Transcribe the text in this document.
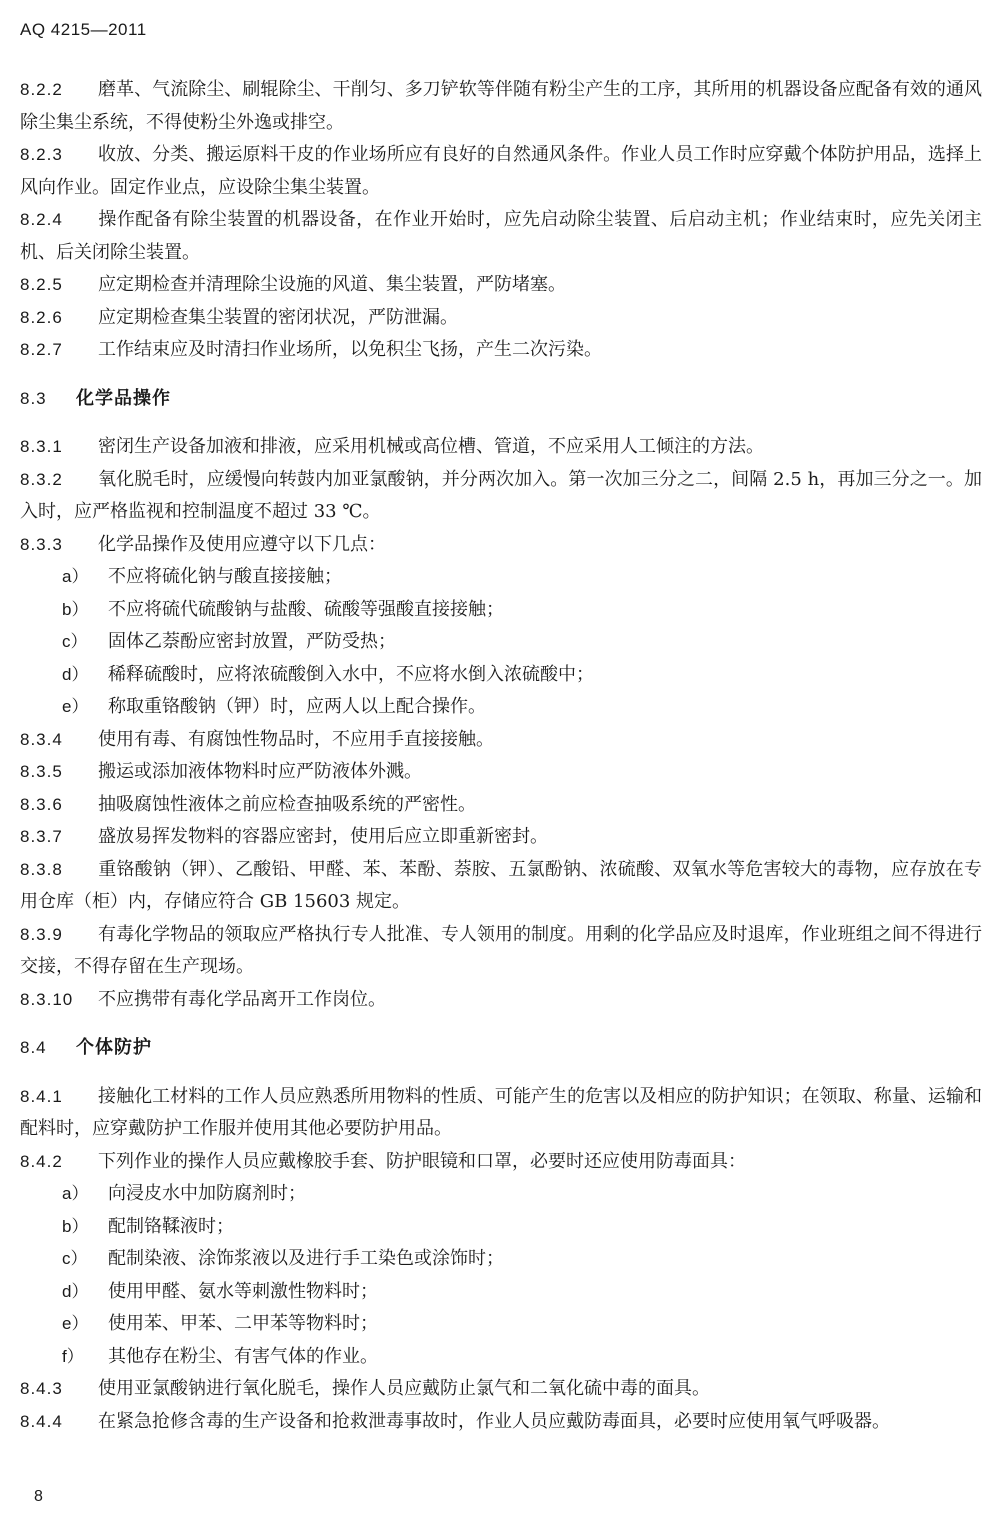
AQ 4215—2011

8.2.2 磨革、气流除尘、刷辊除尘、干削匀、多刀铲软等伴随有粉尘产生的工序，其所用的机器设备应配备有效的通风除尘集尘系统，不得使粉尘外逸或排空。

8.2.3 收放、分类、搬运原料干皮的作业场所应有良好的自然通风条件。作业人员工作时应穿戴个体防护用品，选择上风向作业。固定作业点，应设除尘集尘装置。

8.2.4 操作配备有除尘装置的机器设备，在作业开始时，应先启动除尘装置、后启动主机；作业结束时，应先关闭主机、后关闭除尘装置。

8.2.5 应定期检查并清理除尘设施的风道、集尘装置，严防堵塞。

8.2.6 应定期检查集尘装置的密闭状况，严防泄漏。

8.2.7 工作结束应及时清扫作业场所，以免积尘飞扬，产生二次污染。

8.3 化学品操作

8.3.1 密闭生产设备加液和排液，应采用机械或高位槽、管道，不应采用人工倾注的方法。

8.3.2 氧化脱毛时，应缓慢向转鼓内加亚氯酸钠，并分两次加入。第一次加三分之二，间隔 2.5 h，再加三分之一。加入时，应严格监视和控制温度不超过 33 ℃。

8.3.3 化学品操作及使用应遵守以下几点：

a） 不应将硫化钠与酸直接接触；

b） 不应将硫代硫酸钠与盐酸、硫酸等强酸直接接触；

c） 固体乙萘酚应密封放置，严防受热；

d） 稀释硫酸时，应将浓硫酸倒入水中，不应将水倒入浓硫酸中；

e） 称取重铬酸钠（钾）时，应两人以上配合操作。

8.3.4 使用有毒、有腐蚀性物品时，不应用手直接接触。

8.3.5 搬运或添加液体物料时应严防液体外溅。

8.3.6 抽吸腐蚀性液体之前应检查抽吸系统的严密性。

8.3.7 盛放易挥发物料的容器应密封，使用后应立即重新密封。

8.3.8 重铬酸钠（钾）、乙酸铅、甲醛、苯、苯酚、萘胺、五氯酚钠、浓硫酸、双氧水等危害较大的毒物，应存放在专用仓库（柜）内，存储应符合 GB 15603 规定。

8.3.9 有毒化学物品的领取应严格执行专人批准、专人领用的制度。用剩的化学品应及时退库，作业班组之间不得进行交接，不得存留在生产现场。

8.3.10 不应携带有毒化学品离开工作岗位。

8.4 个体防护

8.4.1 接触化工材料的工作人员应熟悉所用物料的性质、可能产生的危害以及相应的防护知识；在领取、称量、运输和配料时，应穿戴防护工作服并使用其他必要防护用品。

8.4.2 下列作业的操作人员应戴橡胶手套、防护眼镜和口罩，必要时还应使用防毒面具：

a） 向浸皮水中加防腐剂时；

b） 配制铬鞣液时；

c） 配制染液、涂饰浆液以及进行手工染色或涂饰时；

d） 使用甲醛、氨水等刺激性物料时；

e） 使用苯、甲苯、二甲苯等物料时；

f） 其他存在粉尘、有害气体的作业。

8.4.3 使用亚氯酸钠进行氧化脱毛，操作人员应戴防止氯气和二氧化硫中毒的面具。

8.4.4 在紧急抢修含毒的生产设备和抢救泄毒事故时，作业人员应戴防毒面具，必要时应使用氧气呼吸器。

8
